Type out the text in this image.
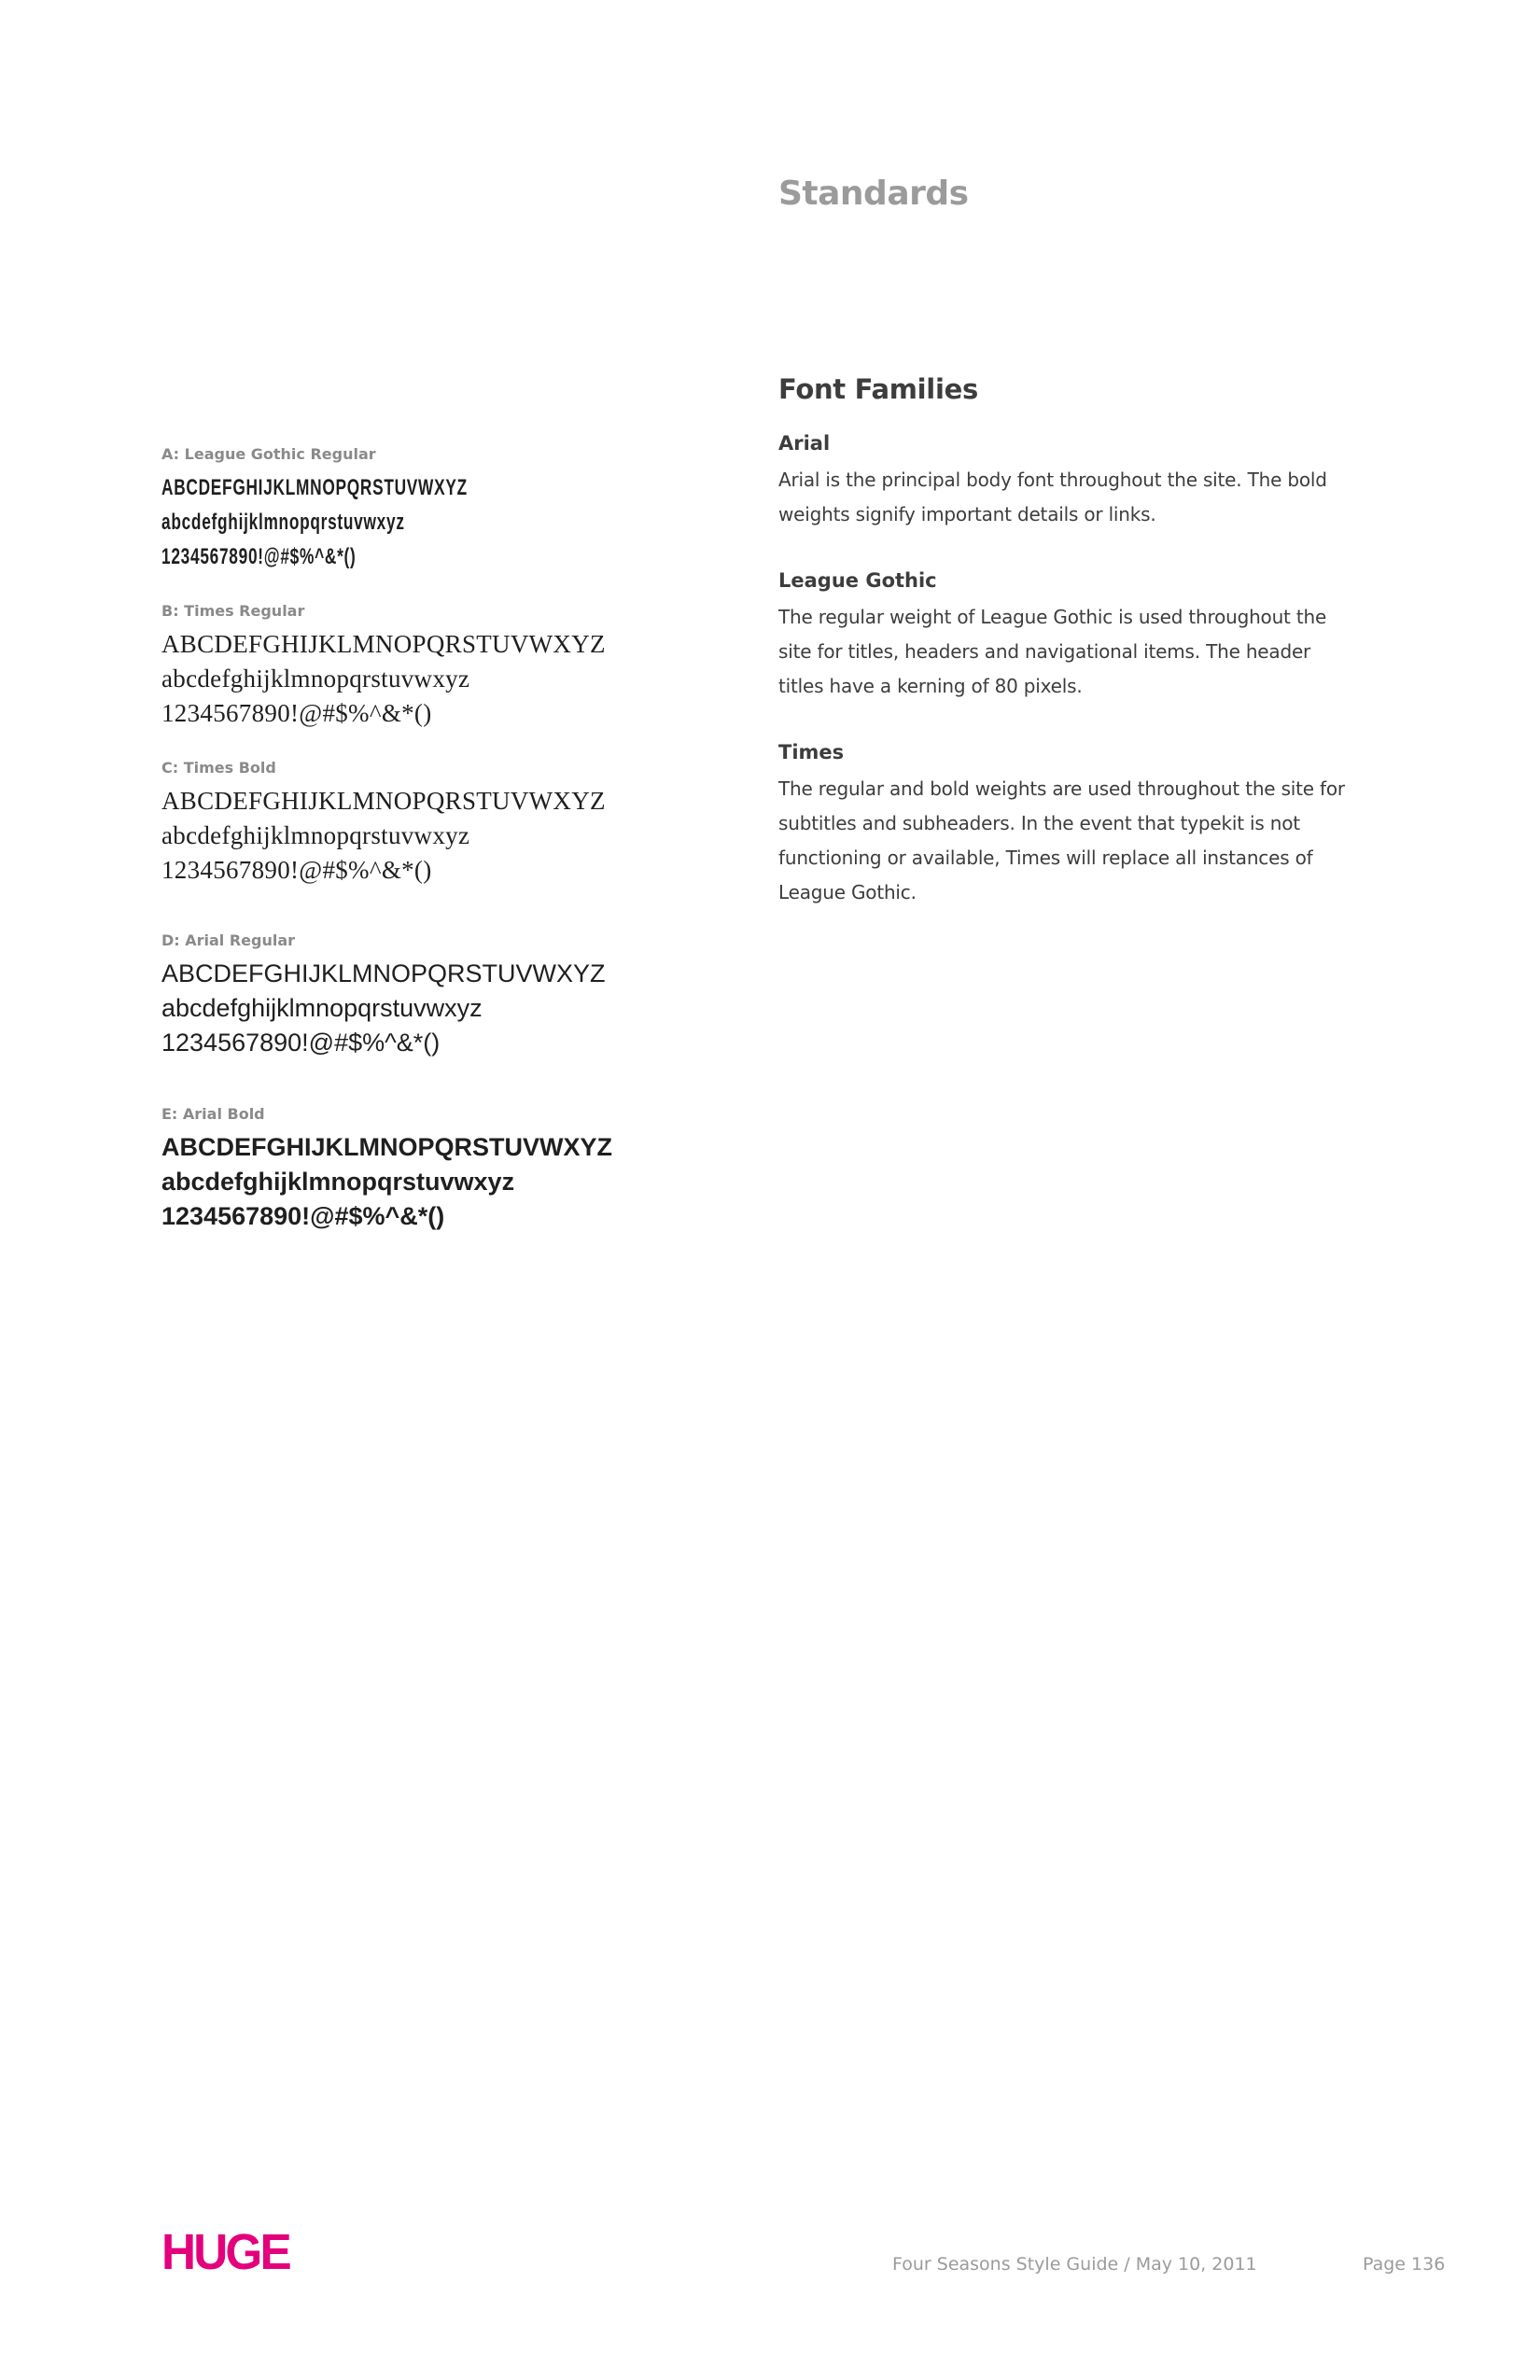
Standards
Font Families

Arial

Arial is the principal body font throughout the site. The bold weights signify important details or links.

League Gothic

The regular weight of League Gothic is used throughout the site for titles, headers and navigational items. The header titles have a kerning of 80 pixels.

Times

The regular and bold weights are used throughout the site for subtitles and subheaders. In the event that typekit is not functioning or available, Times will replace all instances of League Gothic.

A: League Gothic Regular

ABCDEFGHIJKLMNOPQRSTUVWXYZ

abcdefghijklmnopqrstuvwxyz

1234567890!@#$%^&*()

B: Times Regular

ABCDEFGHIJKLMNOPQRSTUVWXYZ

abcdefghijklmnopqrstuvwxyz

1234567890!@#$%^&*()

C: Times Bold

ABCDEFGHIJKLMNOPQRSTUVWXYZ

abcdefghijklmnopqrstuvwxyz

1234567890!@#$%^&*()

D: Arial Regular

ABCDEFGHIJKLMNOPQRSTUVWXYZ

abcdefghijklmnopqrstuvwxyz

1234567890!@#$%^&*()

E: Arial Bold

ABCDEFGHIJKLMNOPQRSTUVWXYZ

abcdefghijklmnopqrstuvwxyz

1234567890!@#$%^&*()

HUGE	Four Seasons Style Guide / May 10, 2011	Page 136
